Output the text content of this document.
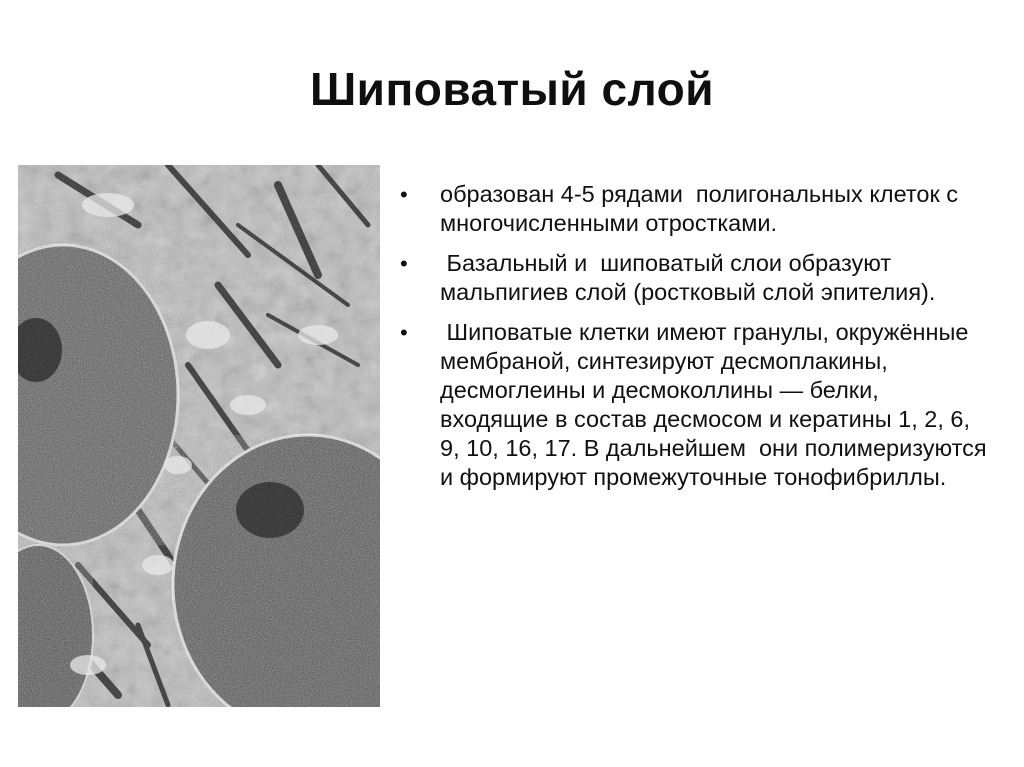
Шиповатый слой
•	образован 4-5 рядами  полигональных клеток с многочисленными отростками.
•	Базальный и  шиповатый слои образуют мальпигиев слой (ростковый слой эпителия).
•	Шиповатые клетки имеют гранулы, окружённые мембраной, синтезируют десмоплакины, десмоглеины и десмоколлины — белки, входящие в состав десмосом и кератины 1, 2, 6, 9, 10, 16, 17. В дальнейшем  они полимеризуются и формируют промежуточные тонофибриллы.
